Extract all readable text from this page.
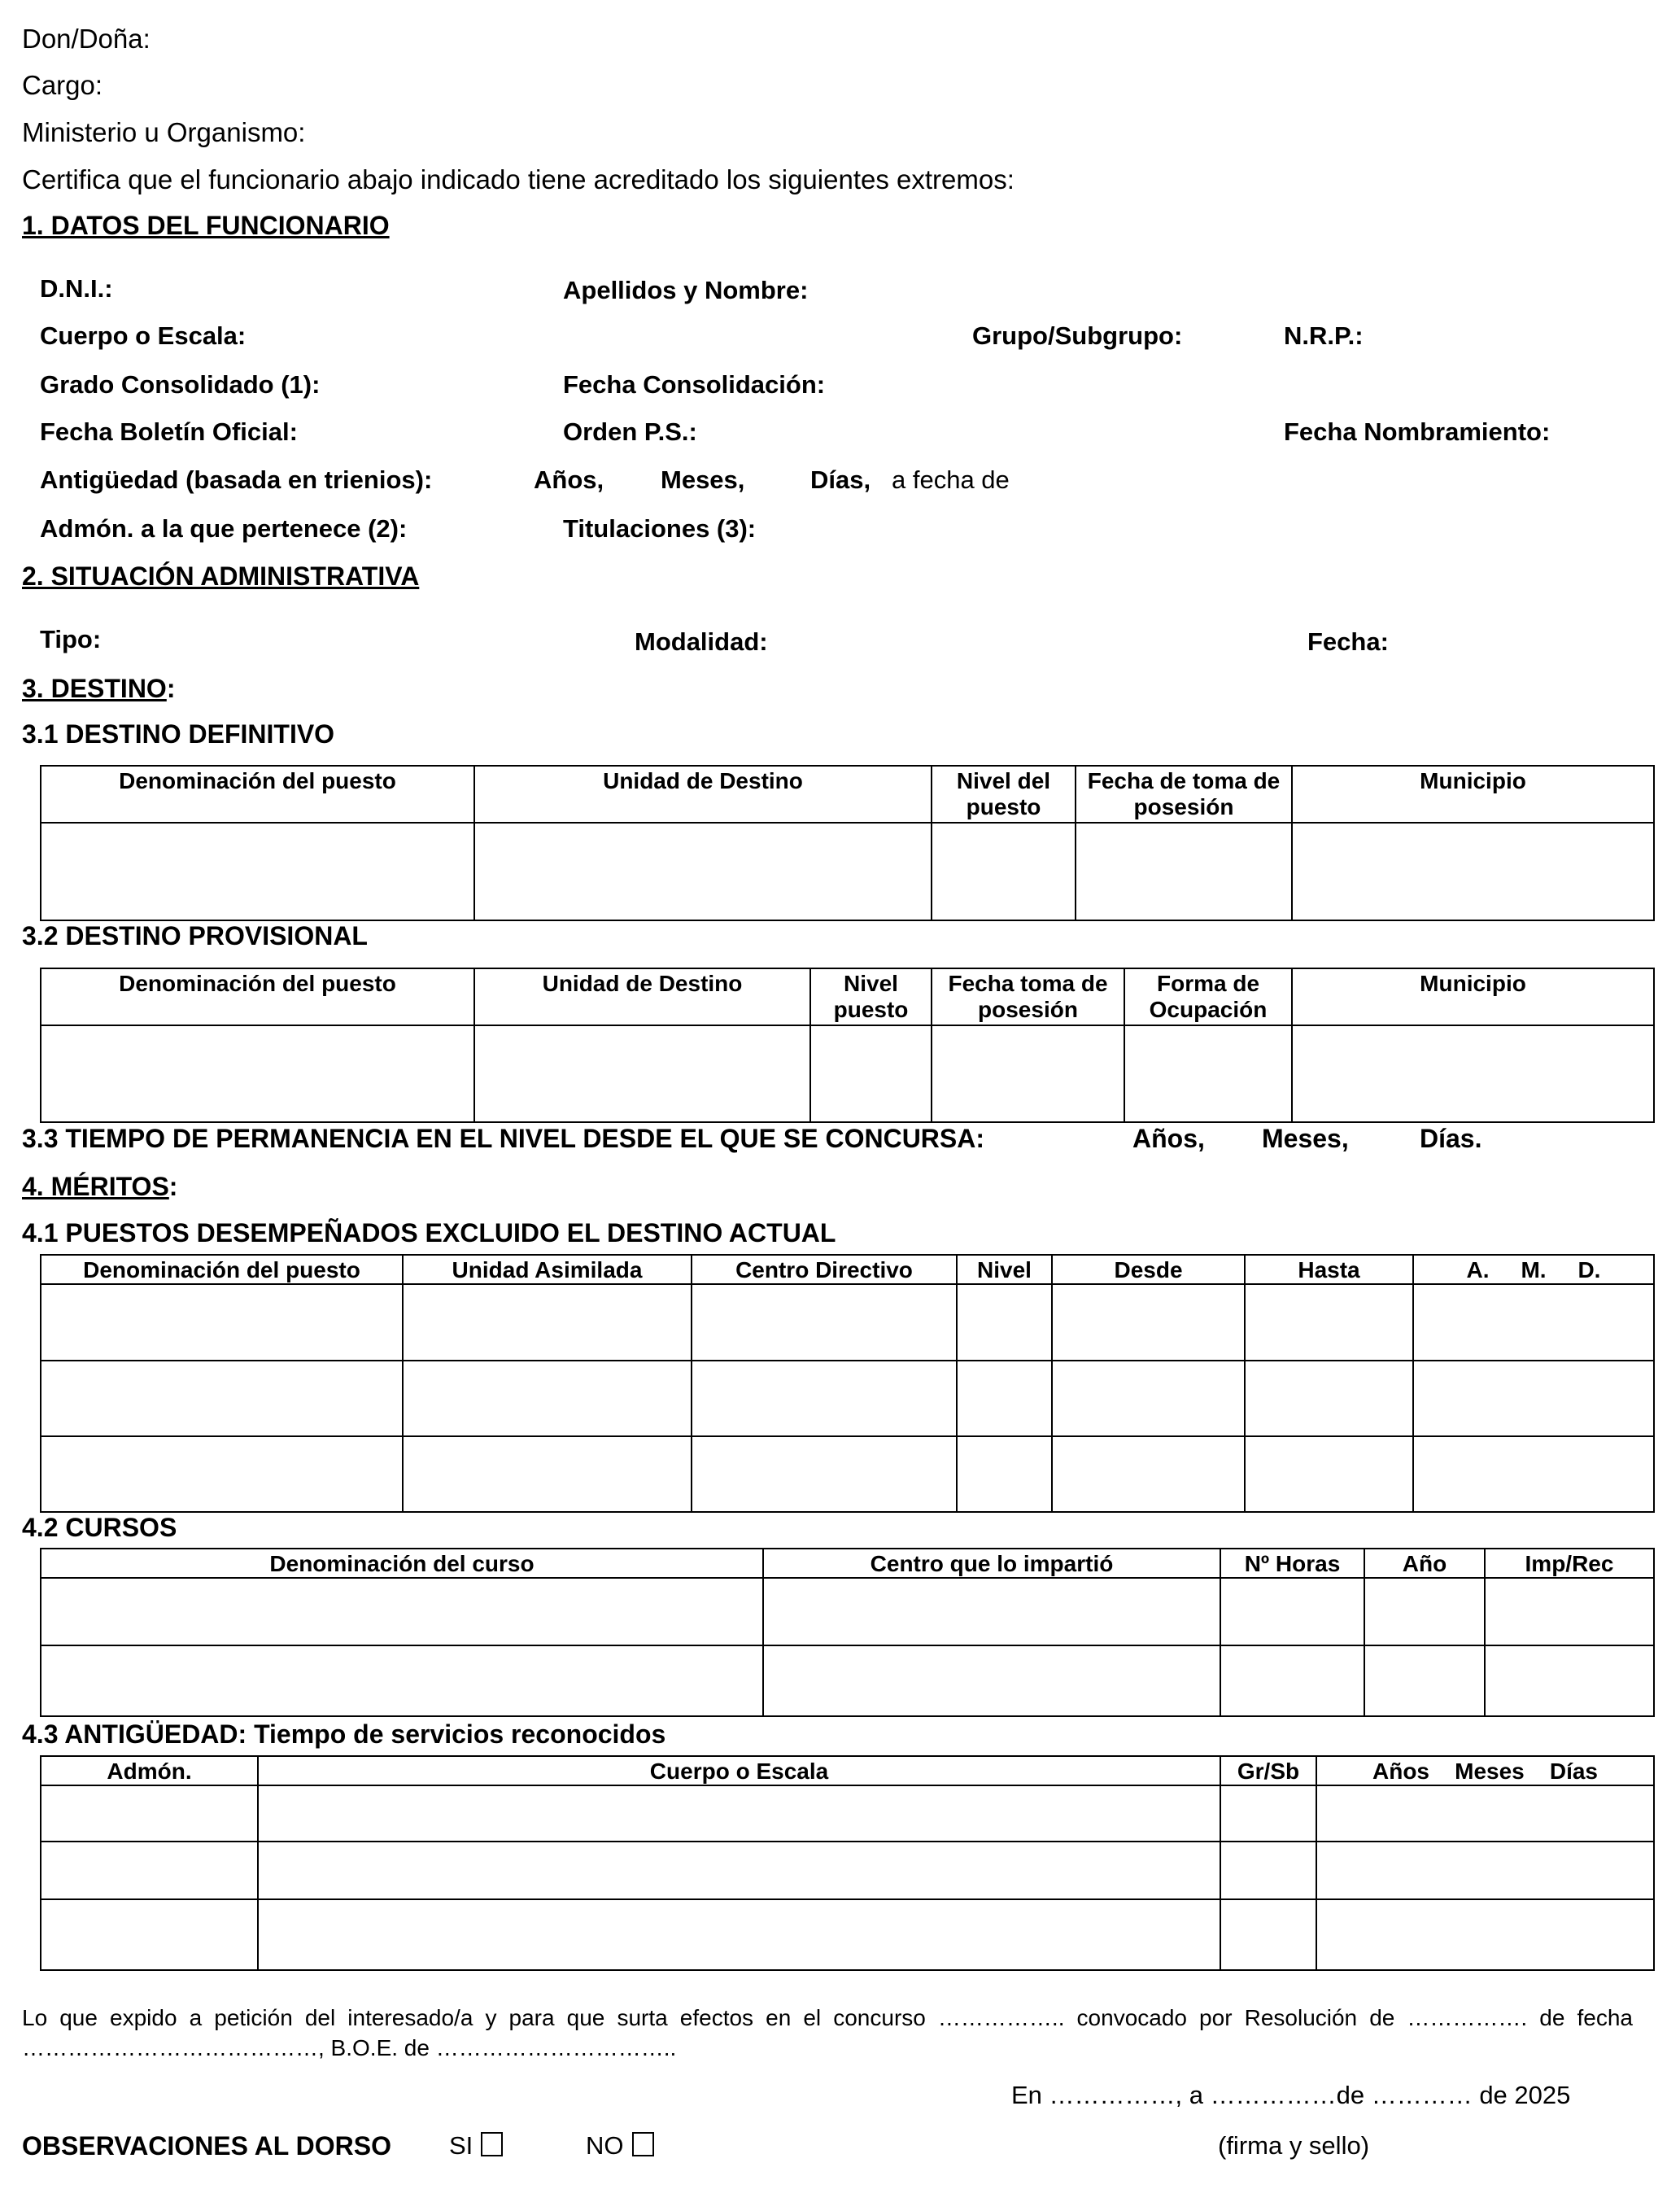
Don/Doña:
Cargo:
Ministerio u Organismo:
Certifica que el funcionario abajo indicado tiene acreditado los siguientes extremos:
1. DATOS DEL FUNCIONARIO
D.N.I.:	Apellidos y Nombre:
Cuerpo o Escala:	Grupo/Subgrupo:	N.R.P.:
Grado Consolidado (1):	Fecha Consolidación:
Fecha Boletín Oficial:	Orden P.S.:	Fecha Nombramiento:
Antigüedad (basada en trienios):	Años, Meses,	Días, a fecha de
Admón. a la que pertenece (2):	Titulaciones (3):
2. SITUACIÓN ADMINISTRATIVA
Tipo:	Modalidad:	Fecha:
3. DESTINO:
3.1 DESTINO DEFINITIVO
Denominación del puesto	Unidad de Destino	Nivel del puesto	Fecha de toma de posesión	Municipio

3.2 DESTINO PROVISIONAL
Denominación del puesto	Unidad de Destino	Nivel puesto	Fecha toma de posesión	Forma de Ocupación	Municipio

3.3 TIEMPO DE PERMANENCIA EN EL NIVEL DESDE EL QUE SE CONCURSA:	Años, Meses,	Días.
4. MÉRITOS:
4.1 PUESTOS DESEMPEÑADOS EXCLUIDO EL DESTINO ACTUAL
Denominación del puesto	Unidad Asimilada	Centro Directivo	Nivel	Desde	Hasta	A.     M.     D.

4.2 CURSOS
Denominación del curso	Centro que lo impartió	Nº Horas	Año	Imp/Rec

4.3 ANTIGÜEDAD: Tiempo de servicios reconocidos
Admón.	Cuerpo o Escala	Gr/Sb	Años    Meses    Días

Lo que expido a petición del interesado/a y para que surta efectos en el concurso …………….. convocado por Resolución de ……………. de fecha
…………………………………, B.O.E. de …………………………..
En ……………, a ……………de ………… de 2025
OBSERVACIONES AL DORSO SI	NO	(firma y sello)
